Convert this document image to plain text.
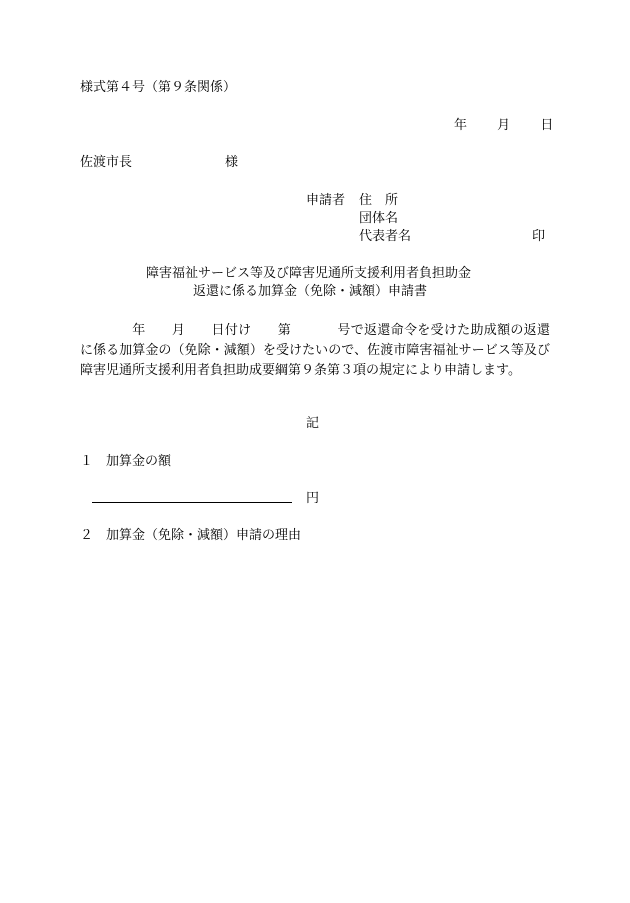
様式第４号（第９条関係）
年 月 日
佐渡市長	様
申請者 住　所
団体名
代表者名	印
障害福祉サービス等及び障害児通所支援利用者負担助金
返還に係る加算金（免除・減額）申請書
年 月 日付け 第	号で返還命令を受けた助成額の返還に係る加算金の（免除・減額）を受けたいので、佐渡市障害福祉サービス等及び障害児通所支援利用者負担助成要綱第９条第３項の規定により申請します。
記
１　加算金の額
円
２　加算金（免除・減額）申請の理由
